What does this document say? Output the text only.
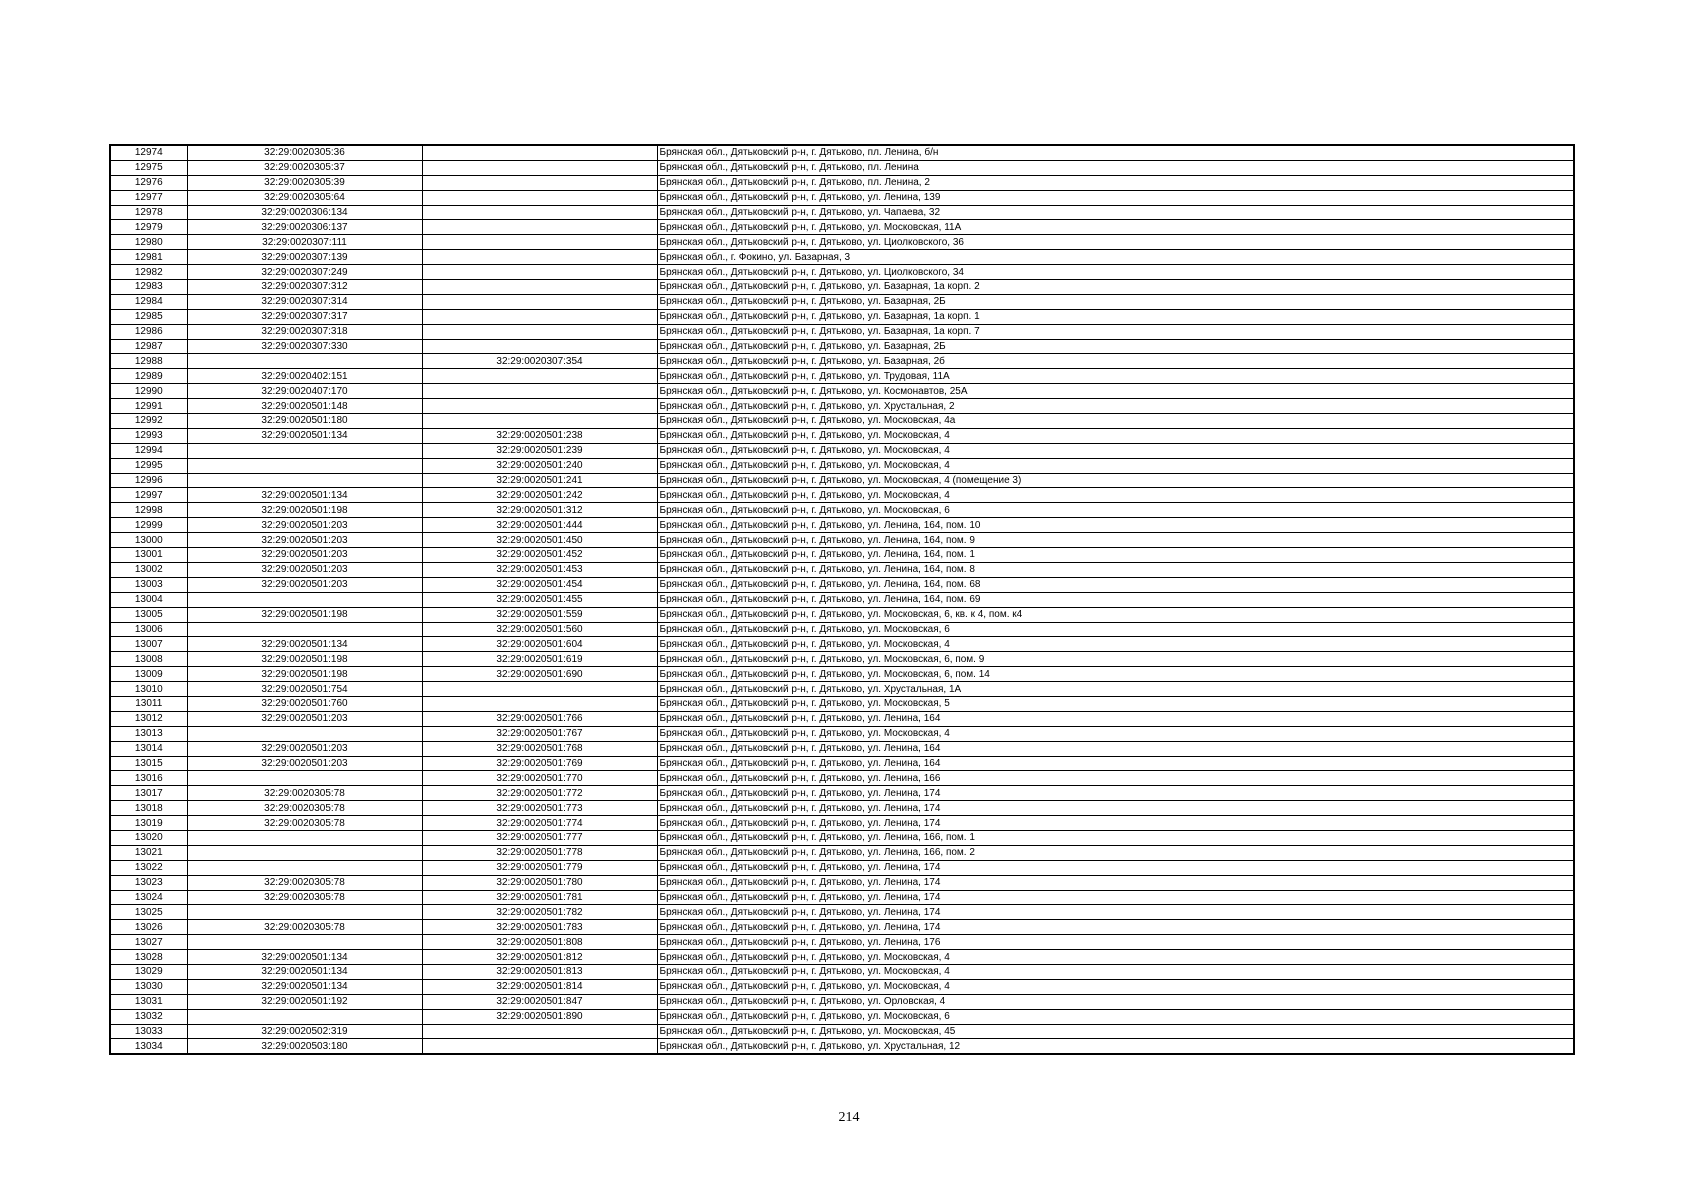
12974	32:29:0020305:36		Брянская обл., Дятьковский р-н, г. Дятьково, пл. Ленина, б/н
12975	32:29:0020305:37		Брянская обл., Дятьковский р-н, г. Дятьково, пл. Ленина
12976	32:29:0020305:39		Брянская обл., Дятьковский р-н, г. Дятьково, пл. Ленина, 2
12977	32:29:0020305:64		Брянская обл., Дятьковский р-н, г. Дятьково, ул. Ленина, 139
12978	32:29:0020306:134		Брянская обл., Дятьковский р-н, г. Дятьково, ул. Чапаева, 32
12979	32:29:0020306:137		Брянская обл., Дятьковский р-н, г. Дятьково, ул. Московская, 11А
12980	32:29:0020307:111		Брянская обл., Дятьковский р-н, г. Дятьково, ул. Циолковского, 36
12981	32:29:0020307:139		Брянская обл., г. Фокино, ул. Базарная, 3
12982	32:29:0020307:249		Брянская обл., Дятьковский р-н, г. Дятьково, ул. Циолковского, 34
12983	32:29:0020307:312		Брянская обл., Дятьковский р-н, г. Дятьково, ул. Базарная, 1а корп. 2
12984	32:29:0020307:314		Брянская обл., Дятьковский р-н, г. Дятьково, ул. Базарная, 2Б
12985	32:29:0020307:317		Брянская обл., Дятьковский р-н, г. Дятьково, ул. Базарная, 1а корп. 1
12986	32:29:0020307:318		Брянская обл., Дятьковский р-н, г. Дятьково, ул. Базарная, 1а корп. 7
12987	32:29:0020307:330		Брянская обл., Дятьковский р-н, г. Дятьково, ул. Базарная, 2Б
12988		32:29:0020307:354	Брянская обл., Дятьковский р-н, г. Дятьково, ул. Базарная, 2б
12989	32:29:0020402:151		Брянская обл., Дятьковский р-н, г. Дятьково, ул. Трудовая, 11А
12990	32:29:0020407:170		Брянская обл., Дятьковский р-н, г. Дятьково, ул. Космонавтов, 25А
12991	32:29:0020501:148		Брянская обл., Дятьковский р-н, г. Дятьково, ул. Хрустальная, 2
12992	32:29:0020501:180		Брянская обл., Дятьковский р-н, г. Дятьково, ул. Московская, 4а
12993	32:29:0020501:134	32:29:0020501:238	Брянская обл., Дятьковский р-н, г. Дятьково, ул. Московская, 4
12994		32:29:0020501:239	Брянская обл., Дятьковский р-н, г. Дятьково, ул. Московская, 4
12995		32:29:0020501:240	Брянская обл., Дятьковский р-н, г. Дятьково, ул. Московская, 4
12996		32:29:0020501:241	Брянская обл., Дятьковский р-н, г. Дятьково, ул. Московская, 4 (помещение 3)
12997	32:29:0020501:134	32:29:0020501:242	Брянская обл., Дятьковский р-н, г. Дятьково, ул. Московская, 4
12998	32:29:0020501:198	32:29:0020501:312	Брянская обл., Дятьковский р-н, г. Дятьково, ул. Московская, 6
12999	32:29:0020501:203	32:29:0020501:444	Брянская обл., Дятьковский р-н, г. Дятьково, ул. Ленина, 164, пом. 10
13000	32:29:0020501:203	32:29:0020501:450	Брянская обл., Дятьковский р-н, г. Дятьково, ул. Ленина, 164, пом. 9
13001	32:29:0020501:203	32:29:0020501:452	Брянская обл., Дятьковский р-н, г. Дятьково, ул. Ленина, 164, пом. 1
13002	32:29:0020501:203	32:29:0020501:453	Брянская обл., Дятьковский р-н, г. Дятьково, ул. Ленина, 164, пом. 8
13003	32:29:0020501:203	32:29:0020501:454	Брянская обл., Дятьковский р-н, г. Дятьково, ул. Ленина, 164, пом. 68
13004		32:29:0020501:455	Брянская обл., Дятьковский р-н, г. Дятьково, ул. Ленина, 164, пом. 69
13005	32:29:0020501:198	32:29:0020501:559	Брянская обл., Дятьковский р-н, г. Дятьково, ул. Московская, 6, кв. к 4, пом. к4
13006		32:29:0020501:560	Брянская обл., Дятьковский р-н, г. Дятьково, ул. Московская, 6
13007	32:29:0020501:134	32:29:0020501:604	Брянская обл., Дятьковский р-н, г. Дятьково, ул. Московская, 4
13008	32:29:0020501:198	32:29:0020501:619	Брянская обл., Дятьковский р-н, г. Дятьково, ул. Московская, 6, пом. 9
13009	32:29:0020501:198	32:29:0020501:690	Брянская обл., Дятьковский р-н, г. Дятьково, ул. Московская, 6, пом. 14
13010	32:29:0020501:754		Брянская обл., Дятьковский р-н, г. Дятьково, ул. Хрустальная, 1А
13011	32:29:0020501:760		Брянская обл., Дятьковский р-н, г. Дятьково, ул. Московская, 5
13012	32:29:0020501:203	32:29:0020501:766	Брянская обл., Дятьковский р-н, г. Дятьково, ул. Ленина, 164
13013		32:29:0020501:767	Брянская обл., Дятьковский р-н, г. Дятьково, ул. Московская, 4
13014	32:29:0020501:203	32:29:0020501:768	Брянская обл., Дятьковский р-н, г. Дятьково, ул. Ленина, 164
13015	32:29:0020501:203	32:29:0020501:769	Брянская обл., Дятьковский р-н, г. Дятьково, ул. Ленина, 164
13016		32:29:0020501:770	Брянская обл., Дятьковский р-н, г. Дятьково, ул. Ленина, 166
13017	32:29:0020305:78	32:29:0020501:772	Брянская обл., Дятьковский р-н, г. Дятьково, ул. Ленина, 174
13018	32:29:0020305:78	32:29:0020501:773	Брянская обл., Дятьковский р-н, г. Дятьково, ул. Ленина, 174
13019	32:29:0020305:78	32:29:0020501:774	Брянская обл., Дятьковский р-н, г. Дятьково, ул. Ленина, 174
13020		32:29:0020501:777	Брянская обл., Дятьковский р-н, г. Дятьково, ул. Ленина, 166, пом. 1
13021		32:29:0020501:778	Брянская обл., Дятьковский р-н, г. Дятьково, ул. Ленина, 166, пом. 2
13022		32:29:0020501:779	Брянская обл., Дятьковский р-н, г. Дятьково, ул. Ленина, 174
13023	32:29:0020305:78	32:29:0020501:780	Брянская обл., Дятьковский р-н, г. Дятьково, ул. Ленина, 174
13024	32:29:0020305:78	32:29:0020501:781	Брянская обл., Дятьковский р-н, г. Дятьково, ул. Ленина, 174
13025		32:29:0020501:782	Брянская обл., Дятьковский р-н, г. Дятьково, ул. Ленина, 174
13026	32:29:0020305:78	32:29:0020501:783	Брянская обл., Дятьковский р-н, г. Дятьково, ул. Ленина, 174
13027		32:29:0020501:808	Брянская обл., Дятьковский р-н, г. Дятьково, ул. Ленина, 176
13028	32:29:0020501:134	32:29:0020501:812	Брянская обл., Дятьковский р-н, г. Дятьково, ул. Московская, 4
13029	32:29:0020501:134	32:29:0020501:813	Брянская обл., Дятьковский р-н, г. Дятьково, ул. Московская, 4
13030	32:29:0020501:134	32:29:0020501:814	Брянская обл., Дятьковский р-н, г. Дятьково, ул. Московская, 4
13031	32:29:0020501:192	32:29:0020501:847	Брянская обл., Дятьковский р-н, г. Дятьково, ул. Орловская, 4
13032		32:29:0020501:890	Брянская обл., Дятьковский р-н, г. Дятьково, ул. Московская, 6
13033	32:29:0020502:319		Брянская обл., Дятьковский р-н, г. Дятьково, ул. Московская, 45
13034	32:29:0020503:180		Брянская обл., Дятьковский р-н, г. Дятьково, ул. Хрустальная, 12
214
